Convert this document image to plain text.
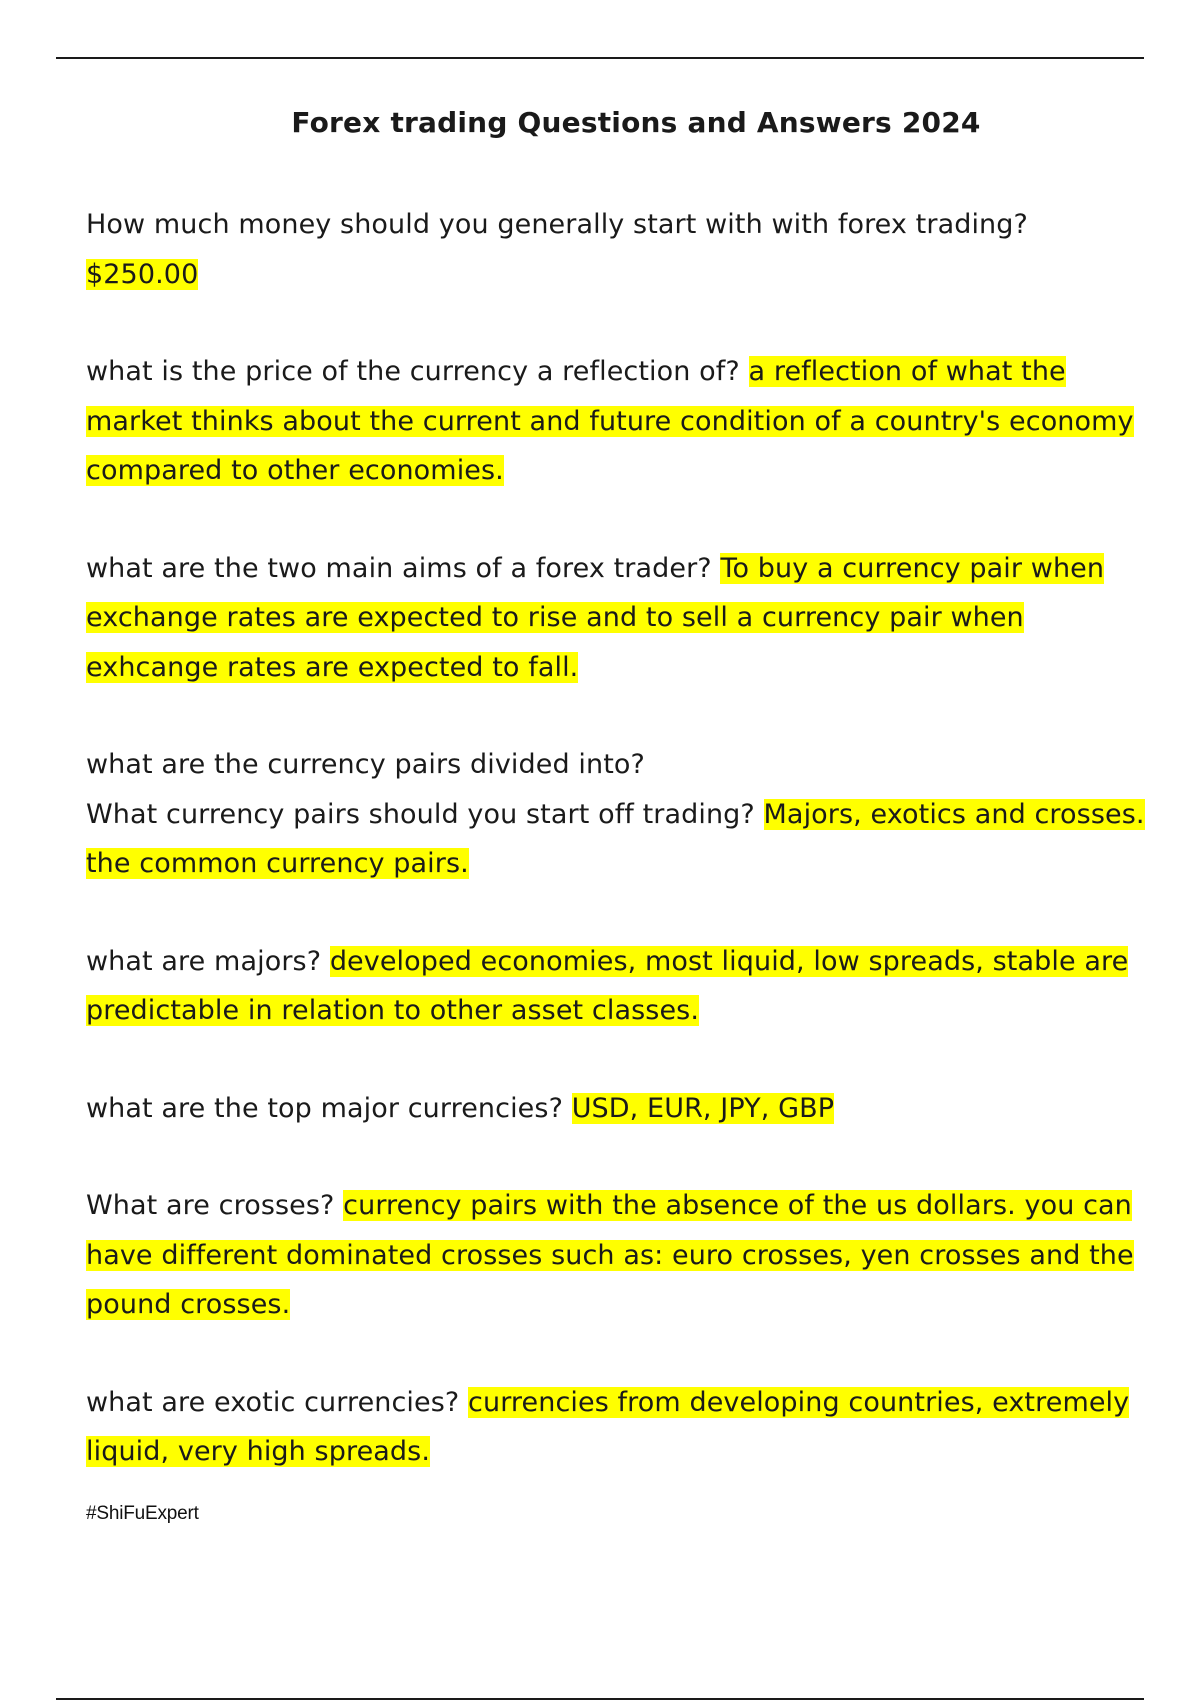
Forex trading Questions and Answers 2024

How much money should you generally start with with forex trading?
$250.00

what is the price of the currency a reflection of? a reflection of what the
market thinks about the current and future condition of a country's economy
compared to other economies.

what are the two main aims of a forex trader? To buy a currency pair when
exchange rates are expected to rise and to sell a currency pair when
exhcange rates are expected to fall.

what are the currency pairs divided into?
What currency pairs should you start off trading? Majors, exotics and crosses.
the common currency pairs.

what are majors? developed economies, most liquid, low spreads, stable are
predictable in relation to other asset classes.

what are the top major currencies? USD, EUR, JPY, GBP

What are crosses? currency pairs with the absence of the us dollars. you can
have different dominated crosses such as: euro crosses, yen crosses and the
pound crosses.

what are exotic currencies? currencies from developing countries, extremely
liquid, very high spreads.

#ShiFuExpert
